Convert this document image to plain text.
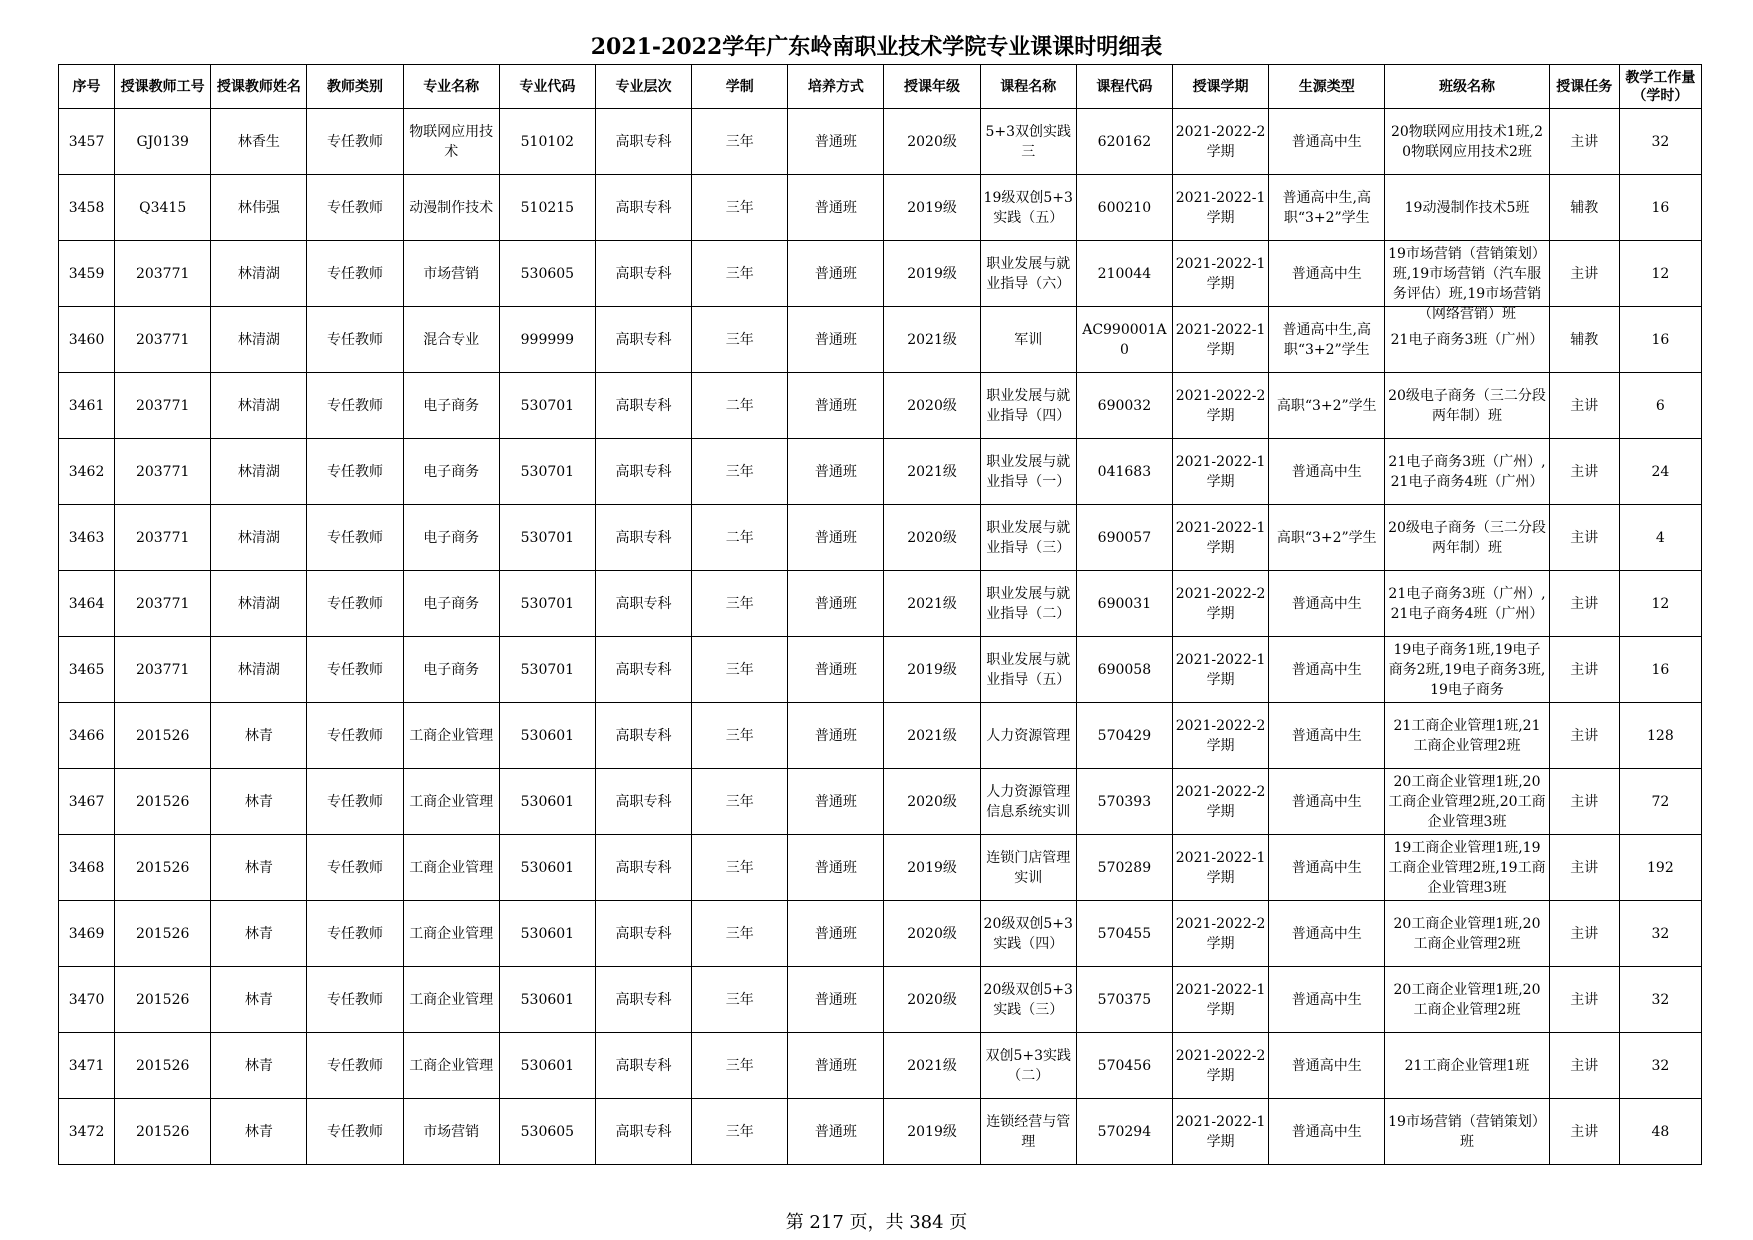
2021-2022学年广东岭南职业技术学院专业课课时明细表
序号	授课教师工号	授课教师姓名	教师类别	专业名称	专业代码	专业层次	学制	培养方式	授课年级	课程名称	课程代码	授课学期	生源类型	班级名称	授课任务	教学工作量（学时）

3457	GJ0139	林香生	专任教师	物联网应用技术	510102	高职专科	三年	普通班	2020级	5+3双创实践三	620162	2021-2022-2学期	普通高中生	20物联网应用技术1班,20物联网应用技术2班	主讲	32

3458	Q3415	林伟强	专任教师	动漫制作技术	510215	高职专科	三年	普通班	2019级	19级双创5+3实践（五）	600210	2021-2022-1学期	普通高中生,高职“3+2”学生	19动漫制作技术5班	辅教	16

3459	203771	林清湖	专任教师	市场营销	530605	高职专科	三年	普通班	2019级	职业发展与就业指导（六）	210044	2021-2022-1学期	普通高中生	19市场营销（营销策划）班,19市场营销（汽车服务评估）班,19市场营销（网络营销）班	主讲	12

3460	203771	林清湖	专任教师	混合专业	999999	高职专科	三年	普通班	2021级	军训	AC990001A0	2021-2022-1学期	普通高中生,高职“3+2”学生	21电子商务3班（广州）	辅教	16

3461	203771	林清湖	专任教师	电子商务	530701	高职专科	二年	普通班	2020级	职业发展与就业指导（四）	690032	2021-2022-2学期	高职“3+2”学生	20级电子商务（三二分段两年制）班	主讲	6

3462	203771	林清湖	专任教师	电子商务	530701	高职专科	三年	普通班	2021级	职业发展与就业指导（一）	041683	2021-2022-1学期	普通高中生	21电子商务3班（广州）,21电子商务4班（广州）	主讲	24

3463	203771	林清湖	专任教师	电子商务	530701	高职专科	二年	普通班	2020级	职业发展与就业指导（三）	690057	2021-2022-1学期	高职“3+2”学生	20级电子商务（三二分段两年制）班	主讲	4

3464	203771	林清湖	专任教师	电子商务	530701	高职专科	三年	普通班	2021级	职业发展与就业指导（二）	690031	2021-2022-2学期	普通高中生	21电子商务3班（广州）,21电子商务4班（广州）	主讲	12

3465	203771	林清湖	专任教师	电子商务	530701	高职专科	三年	普通班	2019级	职业发展与就业指导（五）	690058	2021-2022-1学期	普通高中生	19电子商务1班,19电子商务2班,19电子商务3班,19电子商务	主讲	16

3466	201526	林青	专任教师	工商企业管理	530601	高职专科	三年	普通班	2021级	人力资源管理	570429	2021-2022-2学期	普通高中生	21工商企业管理1班,21工商企业管理2班	主讲	128

3467	201526	林青	专任教师	工商企业管理	530601	高职专科	三年	普通班	2020级	人力资源管理信息系统实训	570393	2021-2022-2学期	普通高中生	20工商企业管理1班,20工商企业管理2班,20工商企业管理3班	主讲	72

3468	201526	林青	专任教师	工商企业管理	530601	高职专科	三年	普通班	2019级	连锁门店管理实训	570289	2021-2022-1学期	普通高中生	19工商企业管理1班,19工商企业管理2班,19工商企业管理3班	主讲	192

3469	201526	林青	专任教师	工商企业管理	530601	高职专科	三年	普通班	2020级	20级双创5+3实践（四）	570455	2021-2022-2学期	普通高中生	20工商企业管理1班,20工商企业管理2班	主讲	32

3470	201526	林青	专任教师	工商企业管理	530601	高职专科	三年	普通班	2020级	20级双创5+3实践（三）	570375	2021-2022-1学期	普通高中生	20工商企业管理1班,20工商企业管理2班	主讲	32

3471	201526	林青	专任教师	工商企业管理	530601	高职专科	三年	普通班	2021级	双创5+3实践（二）	570456	2021-2022-2学期	普通高中生	21工商企业管理1班	主讲	32

3472	201526	林青	专任教师	市场营销	530605	高职专科	三年	普通班	2019级	连锁经营与管理	570294	2021-2022-1学期	普通高中生	19市场营销（营销策划）班	主讲	48
第 217 页，共 384 页
